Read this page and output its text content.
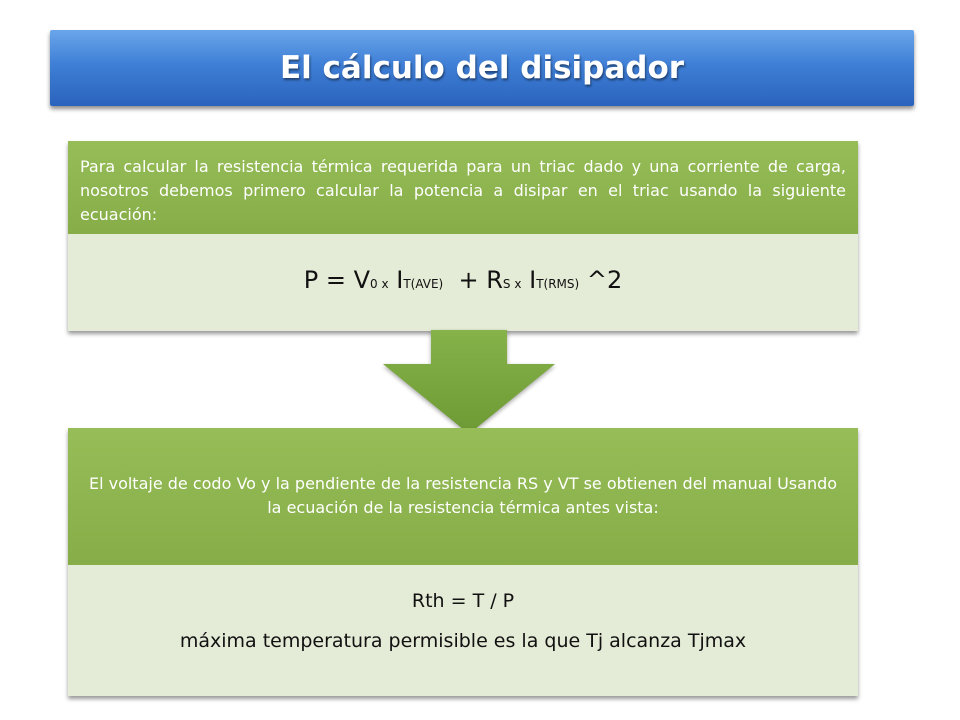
El cálculo del disipador
Para calcular la resistencia térmica requerida para un triac dado y una corriente de carga, nosotros debemos primero calcular la potencia a disipar en el triac usando la siguiente ecuación:
P = V0 x IT(AVE)  + RS x IT(RMS) ^2
El voltaje de codo Vo y la pendiente de la resistencia RS y VT se obtienen del manual Usando la ecuación de la resistencia térmica antes vista:
Rth = T / P
máxima temperatura permisible es la que Tj alcanza Tjmax
